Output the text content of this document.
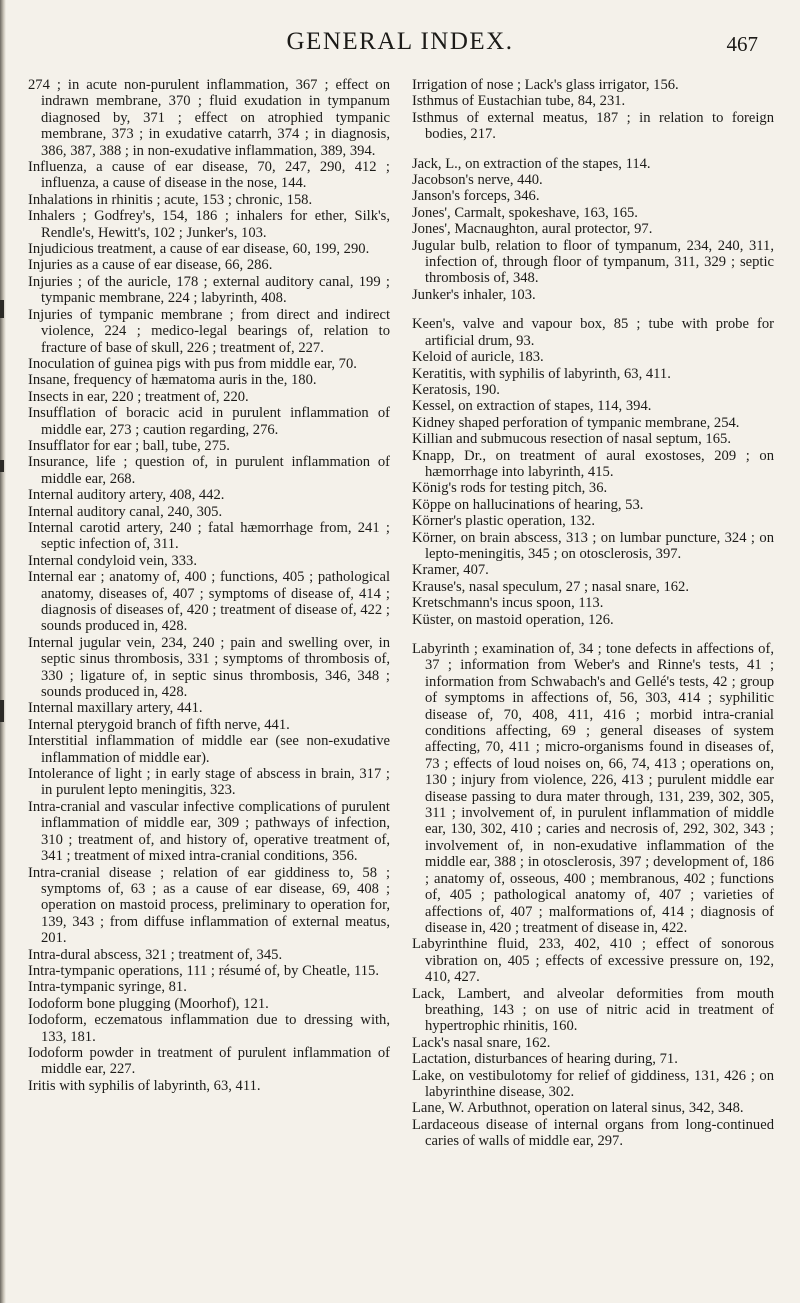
GENERAL INDEX.	467

274 ; in acute non-purulent inflammation, 367 ; effect on indrawn membrane, 370 ; fluid exudation in tympanum diagnosed by, 371 ; effect on atrophied tympanic membrane, 373 ; in exudative catarrh, 374 ; in diagnosis, 386, 387, 388 ; in non-exudative inflammation, 389, 394.

Influenza, a cause of ear disease, 70, 247, 290, 412 ; influenza, a cause of disease in the nose, 144.

Inhalations in rhinitis ; acute, 153 ; chronic, 158.

Inhalers ; Godfrey's, 154, 186 ; inhalers for ether, Silk's, Rendle's, Hewitt's, 102 ; Junker's, 103.

Injudicious treatment, a cause of ear disease, 60, 199, 290.

Injuries as a cause of ear disease, 66, 286.

Injuries ; of the auricle, 178 ; external auditory canal, 199 ; tympanic membrane, 224 ; labyrinth, 408.

Injuries of tympanic membrane ; from direct and indirect violence, 224 ; medico-legal bearings of, relation to fracture of base of skull, 226 ; treatment of, 227.

Inoculation of guinea pigs with pus from middle ear, 70.

Insane, frequency of hæmatoma auris in the, 180.

Insects in ear, 220 ; treatment of, 220.

Insufflation of boracic acid in purulent inflammation of middle ear, 273 ; caution regarding, 276.

Insufflator for ear ; ball, tube, 275.

Insurance, life ; question of, in purulent inflammation of middle ear, 268.

Internal auditory artery, 408, 442.

Internal auditory canal, 240, 305.

Internal carotid artery, 240 ; fatal hæmorrhage from, 241 ; septic infection of, 311.

Internal condyloid vein, 333.

Internal ear ; anatomy of, 400 ; functions, 405 ; pathological anatomy, diseases of, 407 ; symptoms of disease of, 414 ; diagnosis of diseases of, 420 ; treatment of disease of, 422 ; sounds produced in, 428.

Internal jugular vein, 234, 240 ; pain and swelling over, in septic sinus thrombosis, 331 ; symptoms of thrombosis of, 330 ; ligature of, in septic sinus thrombosis, 346, 348 ; sounds produced in, 428.

Internal maxillary artery, 441.

Internal pterygoid branch of fifth nerve, 441.

Interstitial inflammation of middle ear (see non-exudative inflammation of middle ear).

Intolerance of light ; in early stage of abscess in brain, 317 ; in purulent lepto meningitis, 323.

Intra-cranial and vascular infective complications of purulent inflammation of middle ear, 309 ; pathways of infection, 310 ; treatment of, and history of, operative treatment of, 341 ; treatment of mixed intra-cranial conditions, 356.

Intra-cranial disease ; relation of ear giddiness to, 58 ; symptoms of, 63 ; as a cause of ear disease, 69, 408 ; operation on mastoid process, preliminary to operation for, 139, 343 ; from diffuse inflammation of external meatus, 201.

Intra-dural abscess, 321 ; treatment of, 345.

Intra-tympanic operations, 111 ; résumé of, by Cheatle, 115.

Intra-tympanic syringe, 81.

Iodoform bone plugging (Moorhof), 121.

Iodoform, eczematous inflammation due to dressing with, 133, 181.

Iodoform powder in treatment of purulent inflammation of middle ear, 227.

Iritis with syphilis of labyrinth, 63, 411.

Irrigation of nose ; Lack's glass irrigator, 156.

Isthmus of Eustachian tube, 84, 231.

Isthmus of external meatus, 187 ; in relation to foreign bodies, 217.

Jack, L., on extraction of the stapes, 114.

Jacobson's nerve, 440.

Janson's forceps, 346.

Jones', Carmalt, spokeshave, 163, 165.

Jones', Macnaughton, aural protector, 97.

Jugular bulb, relation to floor of tympanum, 234, 240, 311, infection of, through floor of tympanum, 311, 329 ; septic thrombosis of, 348.

Junker's inhaler, 103.

Keen's, valve and vapour box, 85 ; tube with probe for artificial drum, 93.

Keloid of auricle, 183.

Keratitis, with syphilis of labyrinth, 63, 411.

Keratosis, 190.

Kessel, on extraction of stapes, 114, 394.

Kidney shaped perforation of tympanic membrane, 254.

Killian and submucous resection of nasal septum, 165.

Knapp, Dr., on treatment of aural exostoses, 209 ; on hæmorrhage into labyrinth, 415.

König's rods for testing pitch, 36.

Köppe on hallucinations of hearing, 53.

Körner's plastic operation, 132.

Körner, on brain abscess, 313 ; on lumbar puncture, 324 ; on lepto-meningitis, 345 ; on otosclerosis, 397.

Kramer, 407.

Krause's, nasal speculum, 27 ; nasal snare, 162.

Kretschmann's incus spoon, 113.

Küster, on mastoid operation, 126.

Labyrinth ; examination of, 34 ; tone defects in affections of, 37 ; information from Weber's and Rinne's tests, 41 ; information from Schwabach's and Gellé's tests, 42 ; group of symptoms in affections of, 56, 303, 414 ; syphilitic disease of, 70, 408, 411, 416 ; morbid intra-cranial conditions affecting, 69 ; general diseases of system affecting, 70, 411 ; micro-organisms found in diseases of, 73 ; effects of loud noises on, 66, 74, 413 ; operations on, 130 ; injury from violence, 226, 413 ; purulent middle ear disease passing to dura mater through, 131, 239, 302, 305, 311 ; involvement of, in purulent inflammation of middle ear, 130, 302, 410 ; caries and necrosis of, 292, 302, 343 ; involvement of, in non-exudative inflammation of the middle ear, 388 ; in otosclerosis, 397 ; development of, 186 ; anatomy of, osseous, 400 ; membranous, 402 ; functions of, 405 ; pathological anatomy of, 407 ; varieties of affections of, 407 ; malformations of, 414 ; diagnosis of disease in, 420 ; treatment of disease in, 422.

Labyrinthine fluid, 233, 402, 410 ; effect of sonorous vibration on, 405 ; effects of excessive pressure on, 192, 410, 427.

Lack, Lambert, and alveolar deformities from mouth breathing, 143 ; on use of nitric acid in treatment of hypertrophic rhinitis, 160.

Lack's nasal snare, 162.

Lactation, disturbances of hearing during, 71.

Lake, on vestibulotomy for relief of giddiness, 131, 426 ; on labyrinthine disease, 302.

Lane, W. Arbuthnot, operation on lateral sinus, 342, 348.

Lardaceous disease of internal organs from long-continued caries of walls of middle ear, 297.
